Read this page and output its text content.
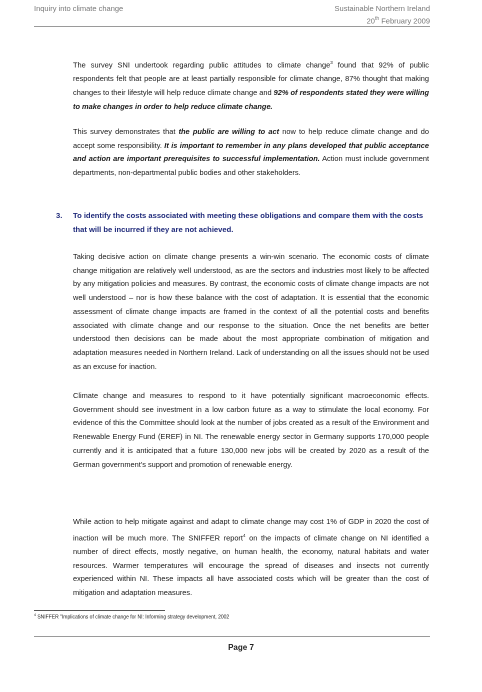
Inquiry into climate change	Sustainable Northern Ireland
20th February 2009

The survey SNI undertook regarding public attitudes to climate change$^3$ found that 92% of public respondents felt that people are at least partially responsible for climate change, 87% thought that making changes to their lifestyle will help reduce climate change and 92% of respondents stated they were willing to make changes in order to help reduce climate change.

This survey demonstrates that the public are willing to act now to help reduce climate change and do accept some responsibility. It is important to remember in any plans developed that public acceptance and action are important prerequisites to successful implementation. Action must include government departments, non-departmental public bodies and other stakeholders.

3. To identify the costs associated with meeting these obligations and compare them with the costs that will be incurred if they are not achieved.

Taking decisive action on climate change presents a win-win scenario. The economic costs of climate change mitigation are relatively well understood, as are the sectors and industries most likely to be affected by any mitigation policies and measures. By contrast, the economic costs of climate change impacts are not well understood – nor is how these balance with the cost of adaptation. It is essential that the economic assessment of climate change impacts are framed in the context of all the potential costs and benefits associated with climate change and our response to the situation. Once the net benefits are better understood then decisions can be made about the most appropriate combination of mitigation and adaptation measures needed in Northern Ireland. Lack of understanding on all the issues should not be used as an excuse for inaction.

Climate change and measures to respond to it have potentially significant macroeconomic effects. Government should see investment in a low carbon future as a way to stimulate the local economy. For evidence of this the Committee should look at the number of jobs created as a result of the Environment and Renewable Energy Fund (EREF) in NI. The renewable energy sector in Germany supports 170,000 people currently and it is anticipated that a future 130,000 new jobs will be created by 2020 as a result of the German government's support and promotion of renewable energy.

While action to help mitigate against and adapt to climate change may cost 1% of GDP in 2020 the cost of inaction will be much more. The SNIFFER report$^4$ on the impacts of climate change on NI identified a number of direct effects, mostly negative, on human health, the economy, natural habitats and water resources. Warmer temperatures will encourage the spread of diseases and insects not currently experienced within NI. These impacts all have associated costs which will be greater than the cost of mitigation and adaptation measures.

$^4$ SNIFFER "Implications of climate change for NI: Informing strategy development, 2002
Page 7
